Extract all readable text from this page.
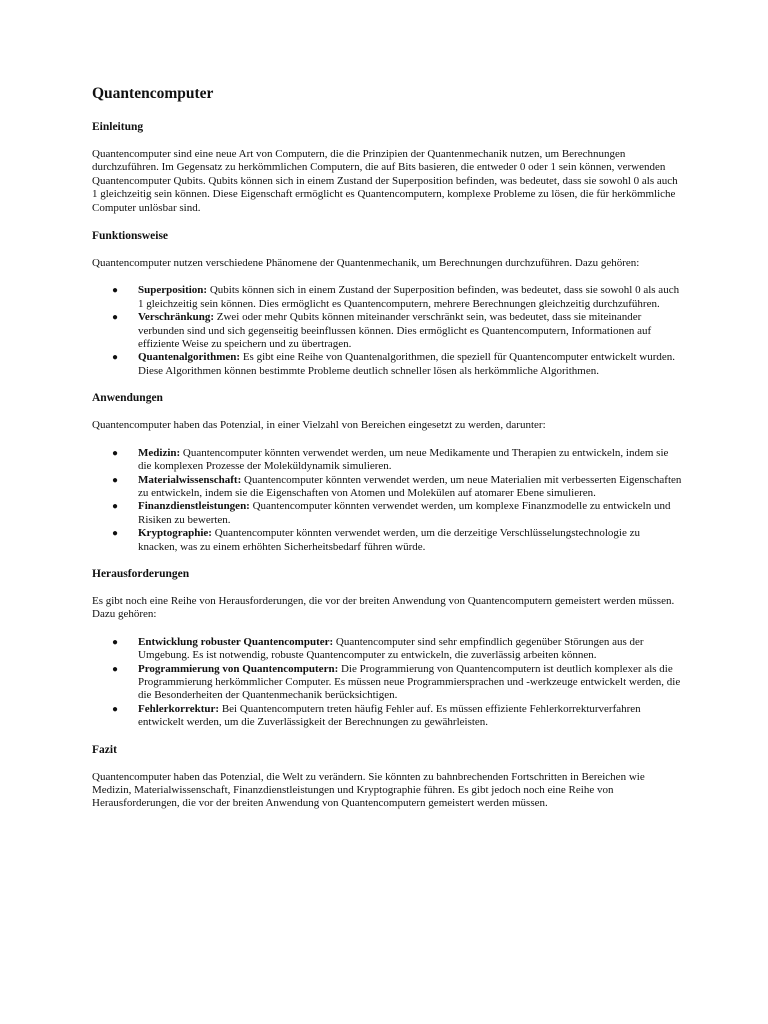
Quantencomputer
Einleitung

Quantencomputer sind eine neue Art von Computern, die die Prinzipien der Quantenmechanik nutzen, um Berechnungen durchzuführen. Im Gegensatz zu herkömmlichen Computern, die auf Bits basieren, die entweder 0 oder 1 sein können, verwenden Quantencomputer Qubits. Qubits können sich in einem Zustand der Superposition befinden, was bedeutet, dass sie sowohl 0 als auch 1 gleichzeitig sein können. Diese Eigenschaft ermöglicht es Quantencomputern, komplexe Probleme zu lösen, die für herkömmliche Computer unlösbar sind.

Funktionsweise

Quantencomputer nutzen verschiedene Phänomene der Quantenmechanik, um Berechnungen durchzuführen. Dazu gehören:

●	Superposition: Qubits können sich in einem Zustand der Superposition befinden, was bedeutet, dass sie sowohl 0 als auch 1 gleichzeitig sein können. Dies ermöglicht es Quantencomputern, mehrere Berechnungen gleichzeitig durchzuführen.
●	Verschränkung: Zwei oder mehr Qubits können miteinander verschränkt sein, was bedeutet, dass sie miteinander verbunden sind und sich gegenseitig beeinflussen können. Dies ermöglicht es Quantencomputern, Informationen auf effiziente Weise zu speichern und zu übertragen.
●	Quantenalgorithmen: Es gibt eine Reihe von Quantenalgorithmen, die speziell für Quantencomputer entwickelt wurden. Diese Algorithmen können bestimmte Probleme deutlich schneller lösen als herkömmliche Algorithmen.
Anwendungen

Quantencomputer haben das Potenzial, in einer Vielzahl von Bereichen eingesetzt zu werden, darunter:

●	Medizin: Quantencomputer könnten verwendet werden, um neue Medikamente und Therapien zu entwickeln, indem sie die komplexen Prozesse der Moleküldynamik simulieren.
●	Materialwissenschaft: Quantencomputer könnten verwendet werden, um neue Materialien mit verbesserten Eigenschaften zu entwickeln, indem sie die Eigenschaften von Atomen und Molekülen auf atomarer Ebene simulieren.
●	Finanzdienstleistungen: Quantencomputer könnten verwendet werden, um komplexe Finanzmodelle zu entwickeln und Risiken zu bewerten.
●	Kryptographie: Quantencomputer könnten verwendet werden, um die derzeitige Verschlüsselungstechnologie zu knacken, was zu einem erhöhten Sicherheitsbedarf führen würde.
Herausforderungen

Es gibt noch eine Reihe von Herausforderungen, die vor der breiten Anwendung von Quantencomputern gemeistert werden müssen. Dazu gehören:

●	Entwicklung robuster Quantencomputer: Quantencomputer sind sehr empfindlich gegenüber Störungen aus der Umgebung. Es ist notwendig, robuste Quantencomputer zu entwickeln, die zuverlässig arbeiten können.
●	Programmierung von Quantencomputern: Die Programmierung von Quantencomputern ist deutlich komplexer als die Programmierung herkömmlicher Computer. Es müssen neue Programmiersprachen und -werkzeuge entwickelt werden, die die Besonderheiten der Quantenmechanik berücksichtigen.
●	Fehlerkorrektur: Bei Quantencomputern treten häufig Fehler auf. Es müssen effiziente Fehlerkorrekturverfahren entwickelt werden, um die Zuverlässigkeit der Berechnungen zu gewährleisten.
Fazit

Quantencomputer haben das Potenzial, die Welt zu verändern. Sie könnten zu bahnbrechenden Fortschritten in Bereichen wie Medizin, Materialwissenschaft, Finanzdienstleistungen und Kryptographie führen. Es gibt jedoch noch eine Reihe von Herausforderungen, die vor der breiten Anwendung von Quantencomputern gemeistert werden müssen.
